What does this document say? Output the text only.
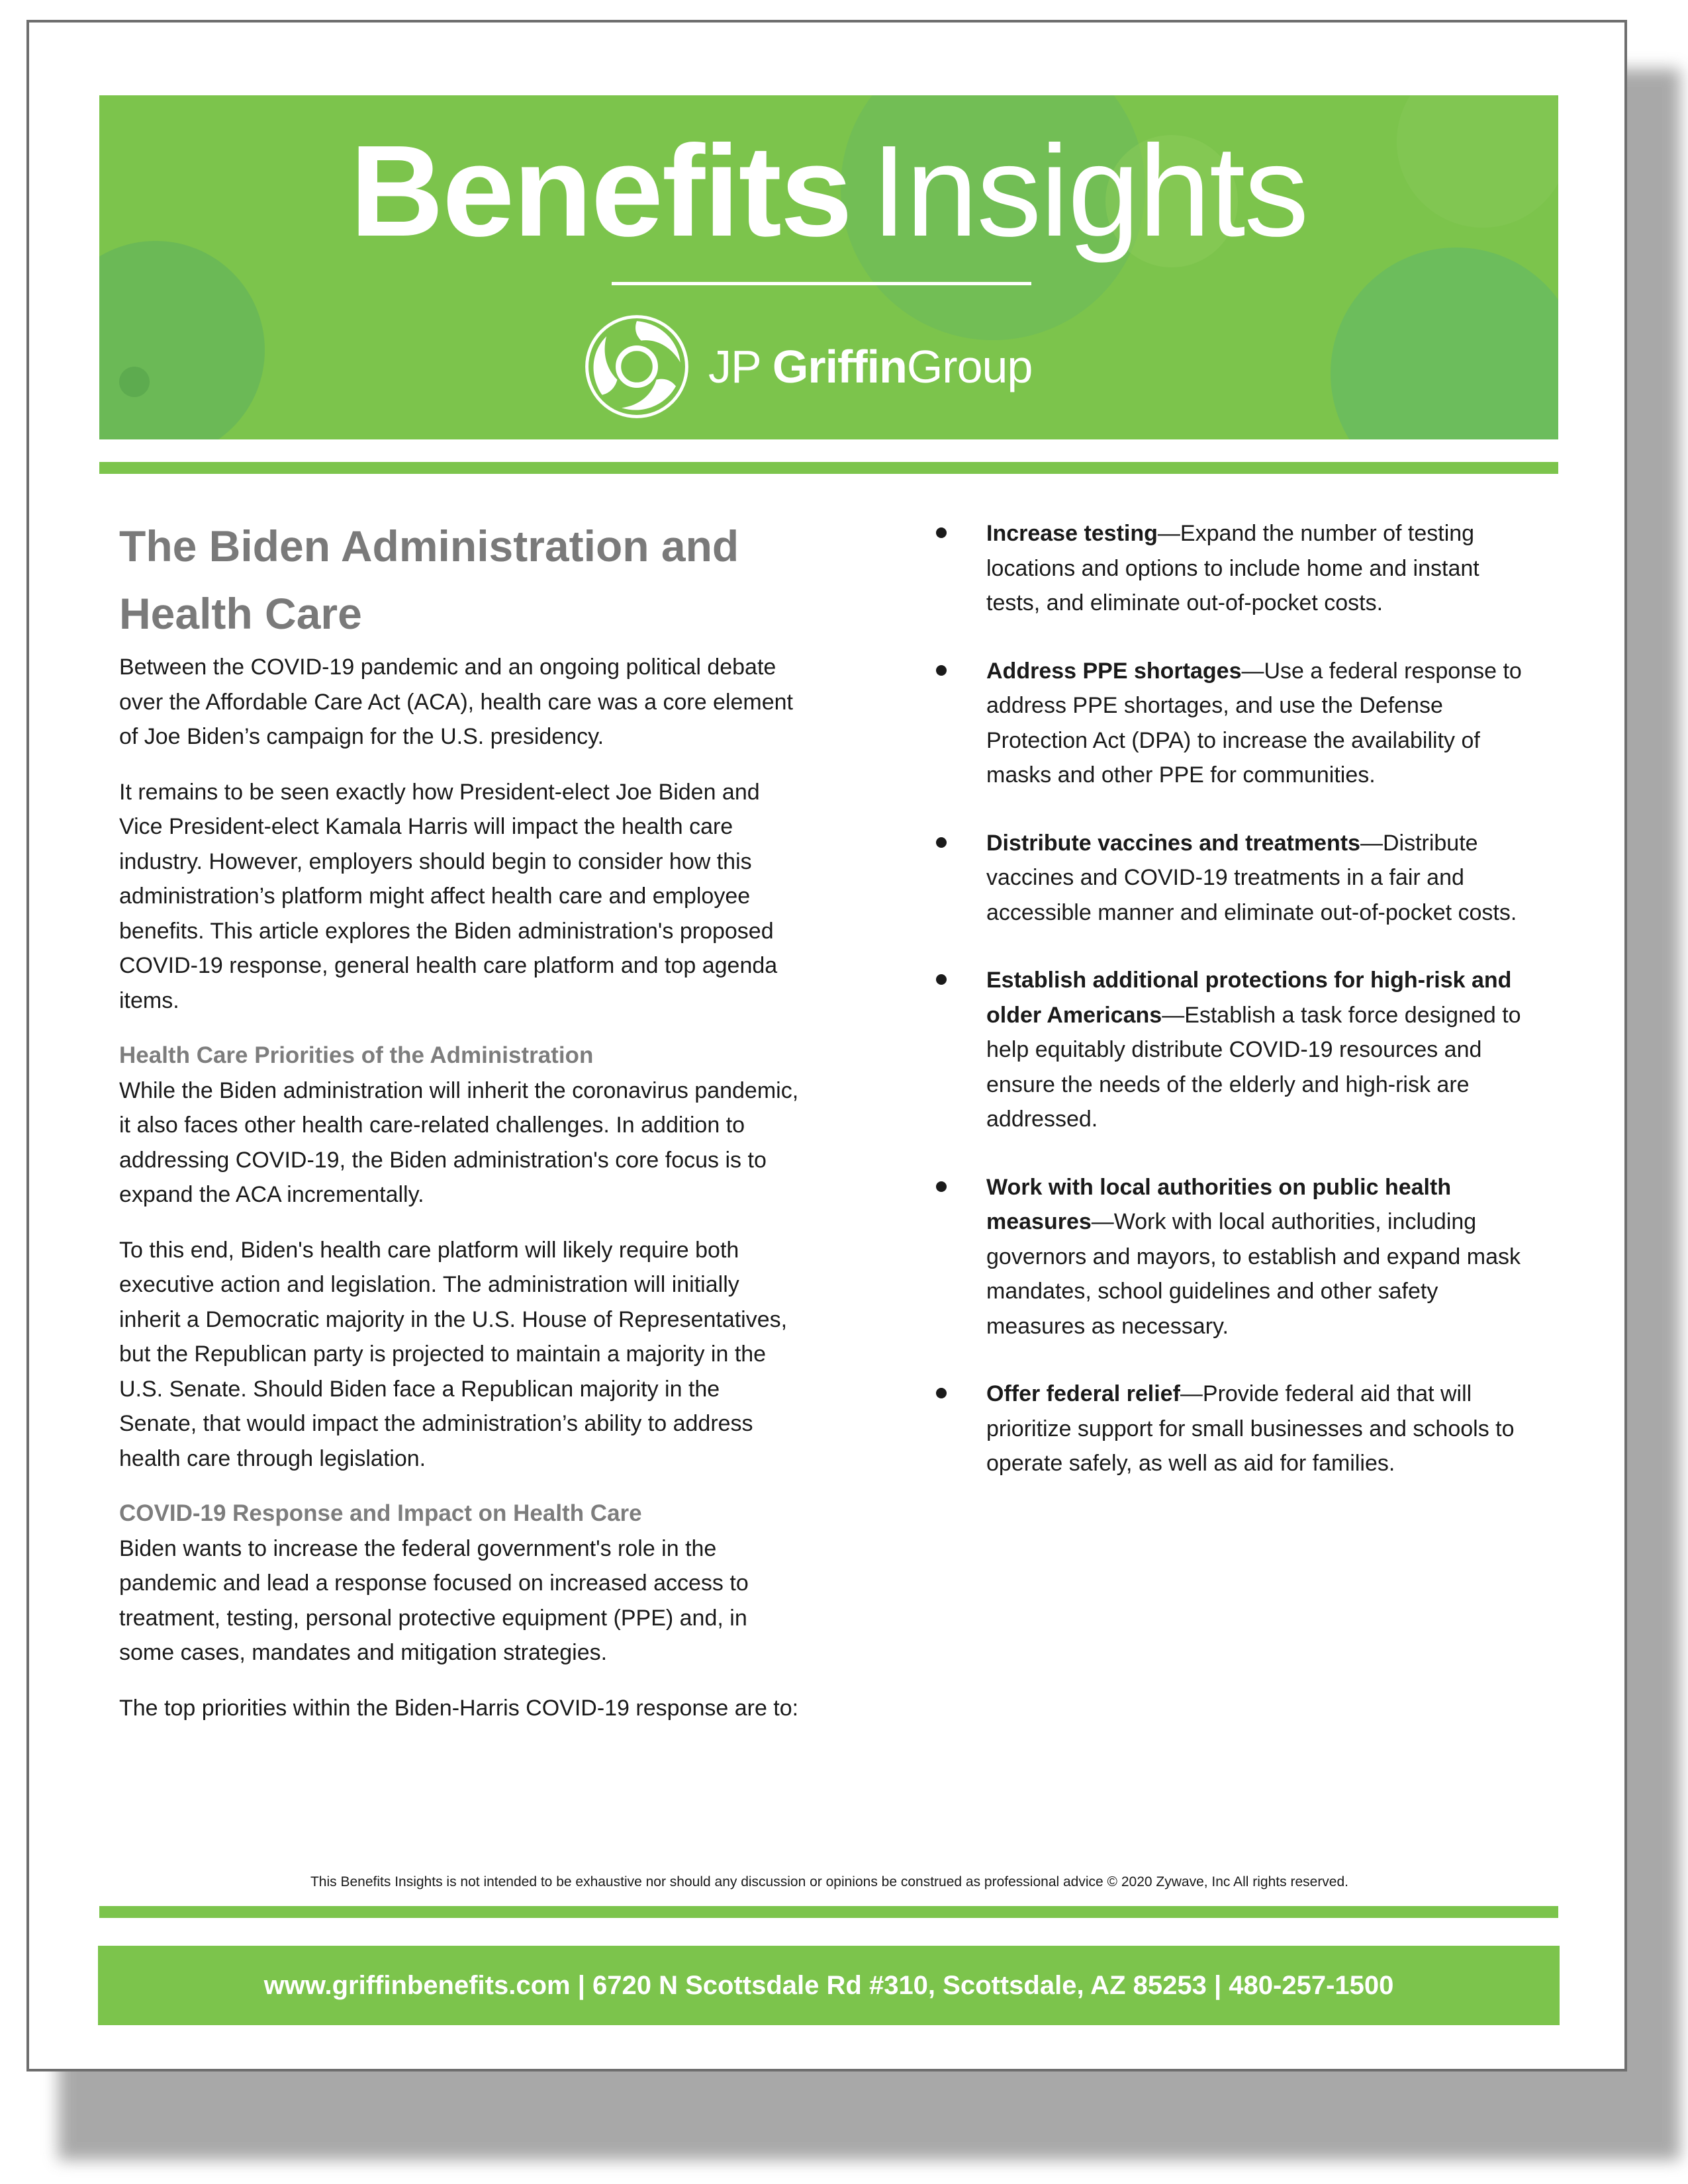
Benefits Insights
JP GriffinGroup
The Biden Administration and Health Care

Between the COVID-19 pandemic and an ongoing political debate over the Affordable Care Act (ACA), health care was a core element of Joe Biden’s campaign for the U.S. presidency.

It remains to be seen exactly how President-elect Joe Biden and Vice President-elect Kamala Harris will impact the health care industry. However, employers should begin to consider how this administration’s platform might affect health care and employee benefits. This article explores the Biden administration's proposed COVID-19 response, general health care platform and top agenda items.

Health Care Priorities of the Administration

While the Biden administration will inherit the coronavirus pandemic, it also faces other health care-related challenges. In addition to addressing COVID-19, the Biden administration's core focus is to expand the ACA incrementally.

To this end, Biden's health care platform will likely require both executive action and legislation. The administration will initially inherit a Democratic majority in the U.S. House of Representatives, but the Republican party is projected to maintain a majority in the U.S. Senate. Should Biden face a Republican majority in the Senate, that would impact the administration’s ability to address health care through legislation.

COVID-19 Response and Impact on Health Care

Biden wants to increase the federal government's role in the pandemic and lead a response focused on increased access to treatment, testing, personal protective equipment (PPE) and, in some cases, mandates and mitigation strategies.

The top priorities within the Biden-Harris COVID-19 response are to:

Increase testing—Expand the number of testing locations and options to include home and instant tests, and eliminate out-of-pocket costs.
Address PPE shortages—Use a federal response to address PPE shortages, and use the Defense Protection Act (DPA) to increase the availability of masks and other PPE for communities.
Distribute vaccines and treatments—Distribute vaccines and COVID-19 treatments in a fair and accessible manner and eliminate out-of-pocket costs.
Establish additional protections for high-risk and older Americans—Establish a task force designed to help equitably distribute COVID-19 resources and ensure the needs of the elderly and high-risk are addressed.
Work with local authorities on public health measures—Work with local authorities, including governors and mayors, to establish and expand mask mandates, school guidelines and other safety measures as necessary.
Offer federal relief—Provide federal aid that will prioritize support for small businesses and schools to operate safely, as well as aid for families.
This Benefits Insights is not intended to be exhaustive nor should any discussion or opinions be construed as professional advice © 2020 Zywave, Inc All rights reserved.
www.griffinbenefits.com | 6720 N Scottsdale Rd #310, Scottsdale, AZ 85253 | 480-257-1500
